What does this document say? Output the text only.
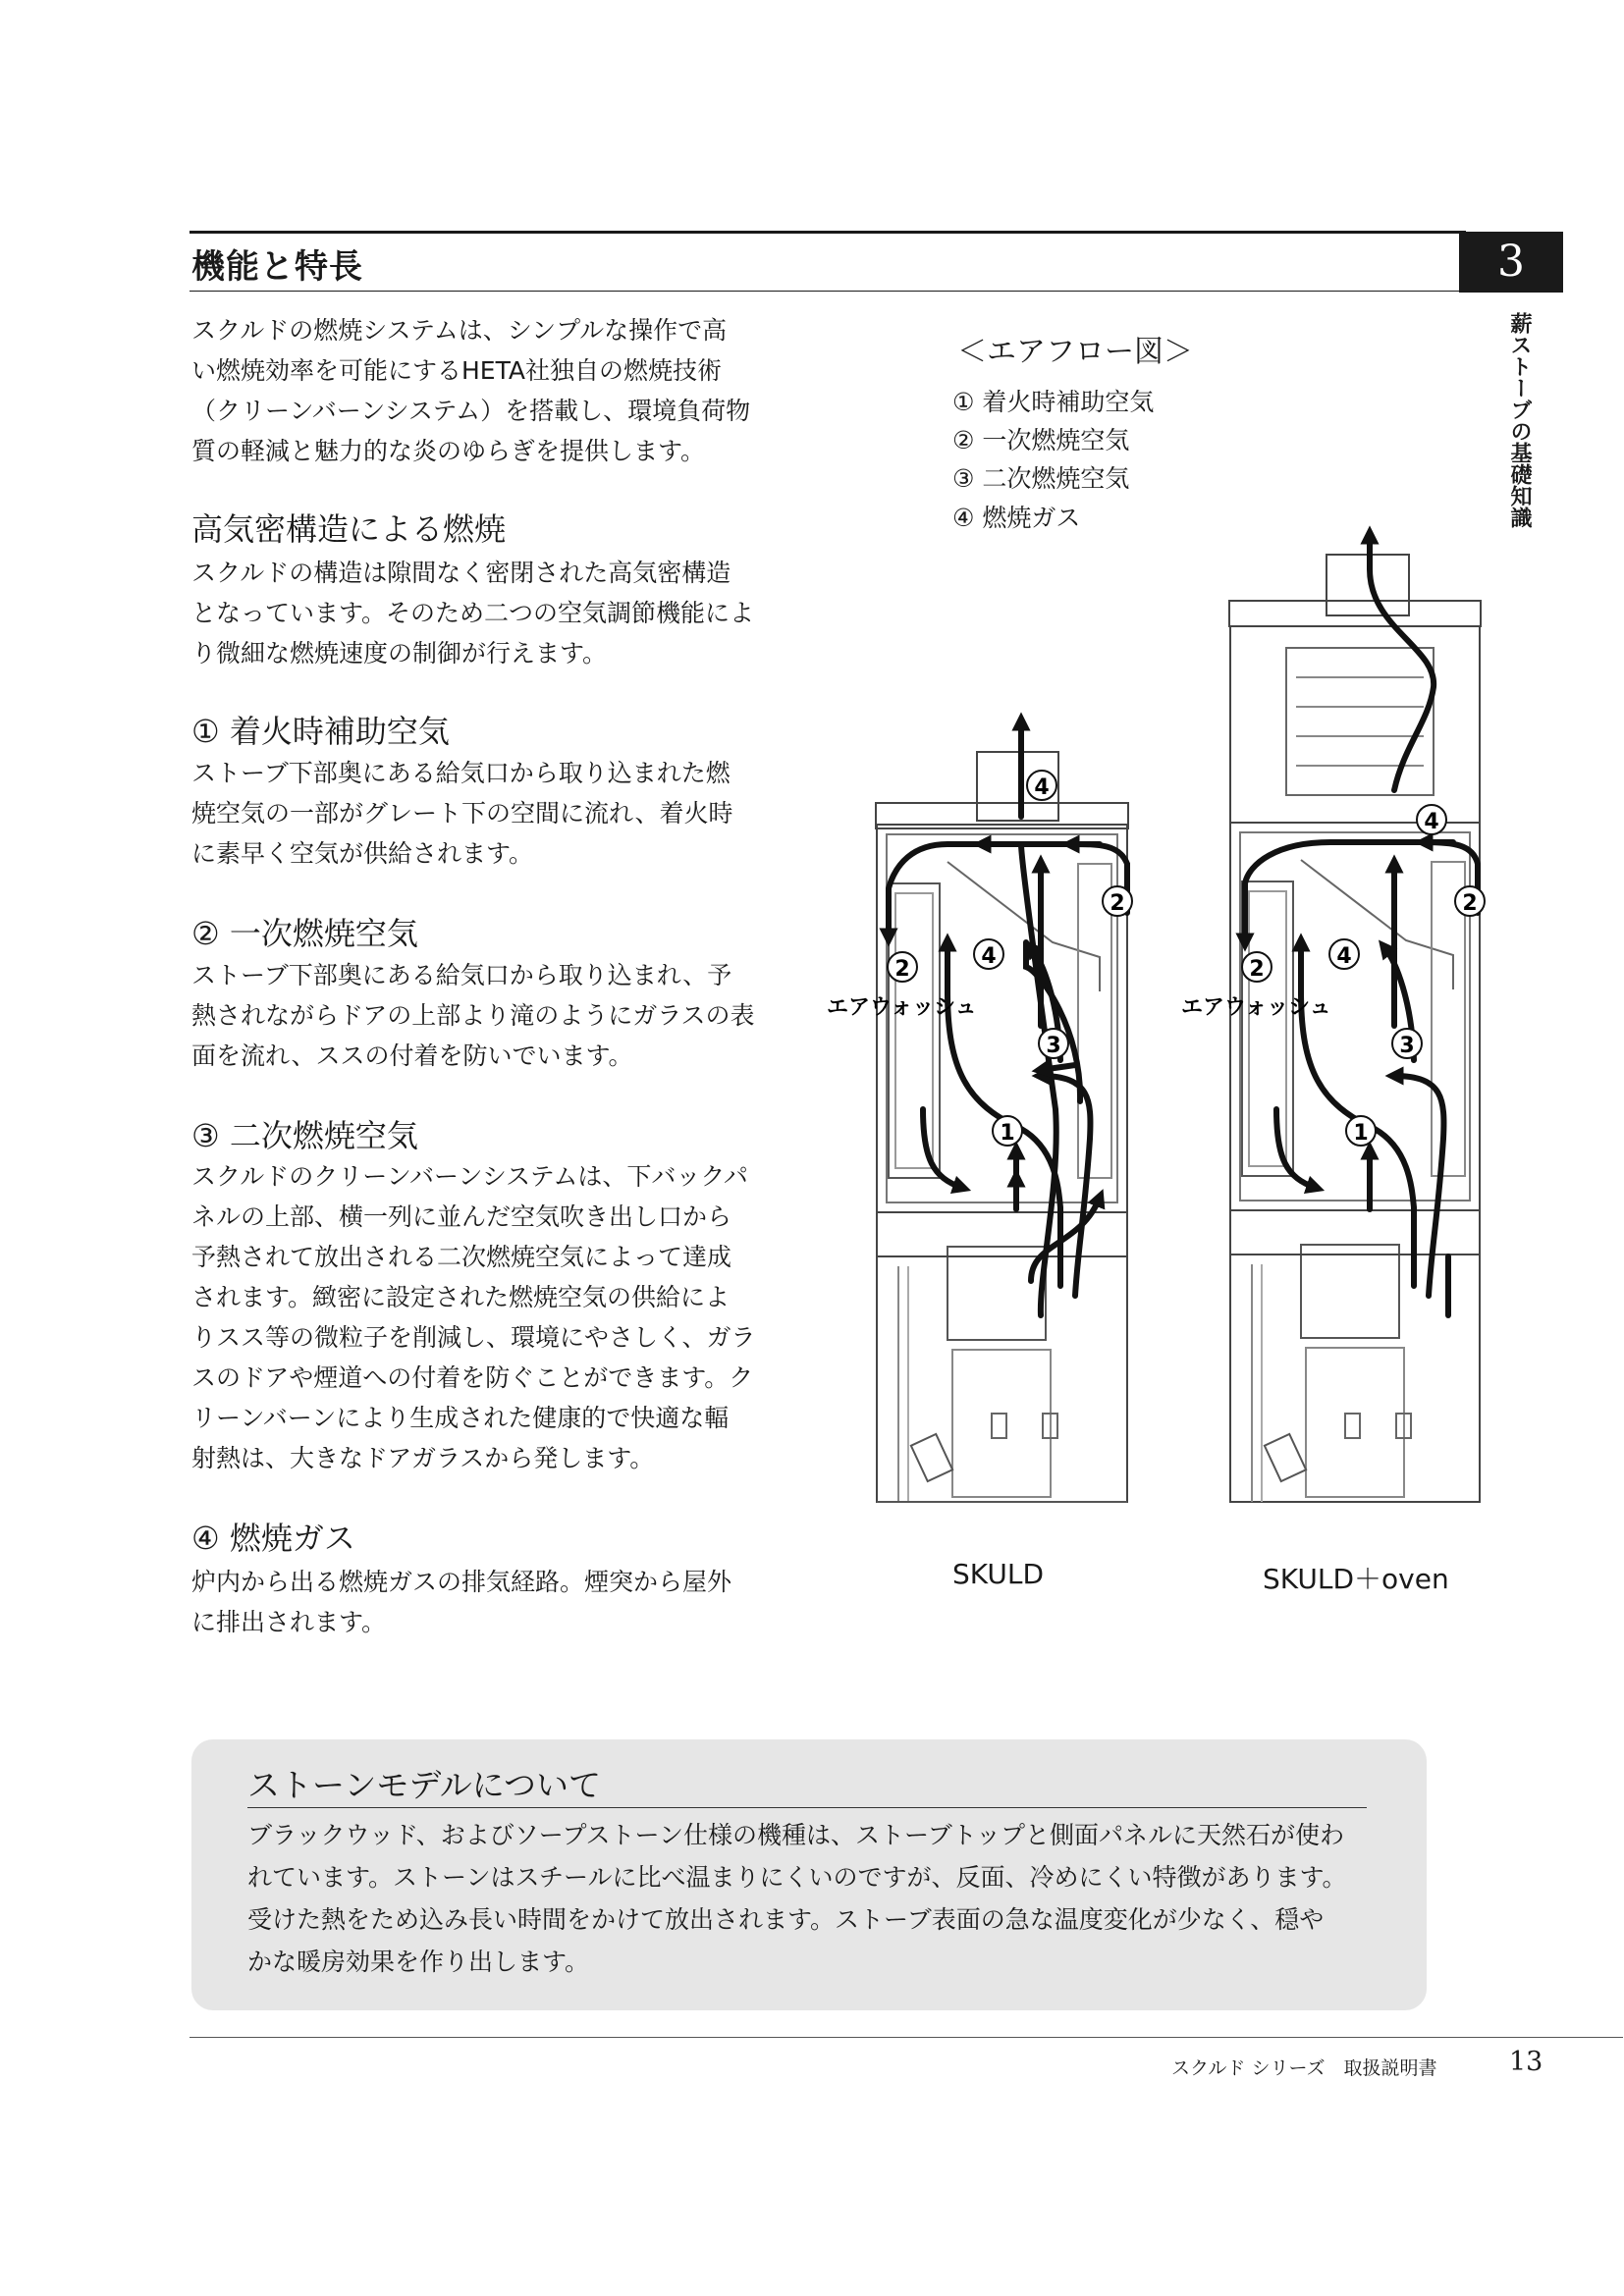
機能と特長	3
薪ストーブの基礎知識

スクルドの燃焼システムは、シンプルな操作で高

い燃焼効率を可能にするHETA社独自の燃焼技術

（クリーンバーンシステム）を搭載し、環境負荷物

質の軽減と魅力的な炎のゆらぎを提供します。

高気密構造による燃焼

スクルドの構造は隙間なく密閉された高気密構造

となっています。そのため二つの空気調節機能によ

り微細な燃焼速度の制御が行えます。

① 着火時補助空気

ストーブ下部奥にある給気口から取り込まれた燃

焼空気の一部がグレート下の空間に流れ、着火時

に素早く空気が供給されます。

② 一次燃焼空気

ストーブ下部奥にある給気口から取り込まれ、予

熱されながらドアの上部より滝のようにガラスの表

面を流れ、ススの付着を防いでいます。

③ 二次燃焼空気

スクルドのクリーンバーンシステムは、下バックパ

ネルの上部、横一列に並んだ空気吹き出し口から

予熱されて放出される二次燃焼空気によって達成

されます。緻密に設定された燃焼空気の供給によ

りスス等の微粒子を削減し、環境にやさしく、ガラ

スのドアや煙道への付着を防ぐことができます。ク

リーンバーンにより生成された健康的で快適な輻

射熱は、大きなドアガラスから発します。

④ 燃焼ガス

炉内から出る燃焼ガスの排気経路。煙突から屋外

に排出されます。

＜エアフロー図＞
① 着火時補助空気
② 一次燃焼空気
③ 二次燃焼空気
④ 燃焼ガス
4
2
4
2
3
1
エアウォッシュ
4
2
4
2
3
1
エアウォッシュ
SKULD	SKULD＋oven
ストーンモデルについて
ブラックウッド、およびソープストーン仕様の機種は、ストーブトップと側面パネルに天然石が使わ
れています。ストーンはスチールに比べ温まりにくいのですが、反面、冷めにくい特徴があります。
受けた熱をため込み長い時間をかけて放出されます。ストーブ表面の急な温度変化が少なく、穏や
かな暖房効果を作り出します。
スクルド シリーズ　取扱説明書	13
